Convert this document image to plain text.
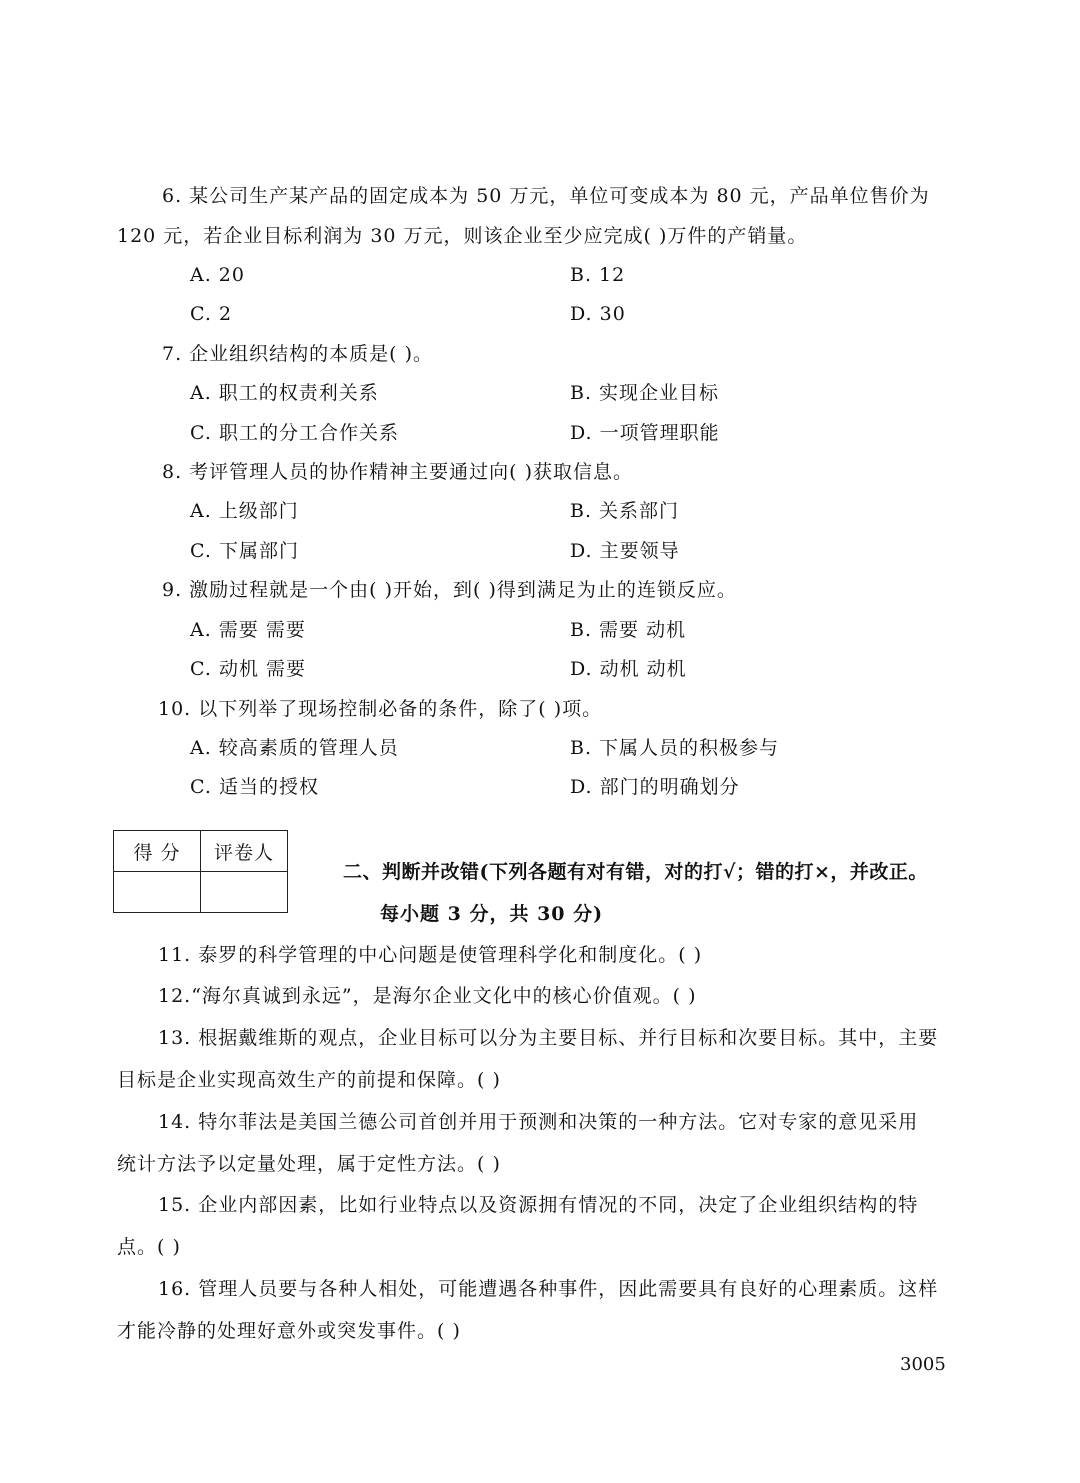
6. 某公司生产某产品的固定成本为 50 万元，单位可变成本为 80 元，产品单位售价为
120 元，若企业目标利润为 30 万元，则该企业至少应完成( )万件的产销量。
A. 20	B. 12
C. 2	D. 30
7. 企业组织结构的本质是( )。
A. 职工的权责利关系	B. 实现企业目标
C. 职工的分工合作关系	D. 一项管理职能
8. 考评管理人员的协作精神主要通过向( )获取信息。
A. 上级部门	B. 关系部门
C. 下属部门	D. 主要领导
9. 激励过程就是一个由( )开始，到( )得到满足为止的连锁反应。
A. 需要 需要	B. 需要 动机
C. 动机 需要	D. 动机 动机
10. 以下列举了现场控制必备的条件，除了( )项。
A. 较高素质的管理人员	B. 下属人员的积极参与
C. 适当的授权	D. 部门的明确划分
得 分	评卷人

二、判断并改错(下列各题有对有错，对的打√；错的打×，并改正。
每小题 3 分，共 30 分)
11. 泰罗的科学管理的中心问题是使管理科学化和制度化。( )
12.“海尔真诚到永远”，是海尔企业文化中的核心价值观。( )
13. 根据戴维斯的观点，企业目标可以分为主要目标、并行目标和次要目标。其中，主要
目标是企业实现高效生产的前提和保障。( )
14. 特尔菲法是美国兰德公司首创并用于预测和决策的一种方法。它对专家的意见采用
统计方法予以定量处理，属于定性方法。( )
15. 企业内部因素，比如行业特点以及资源拥有情况的不同，决定了企业组织结构的特
点。( )
16. 管理人员要与各种人相处，可能遭遇各种事件，因此需要具有良好的心理素质。这样
才能冷静的处理好意外或突发事件。( )
3005
